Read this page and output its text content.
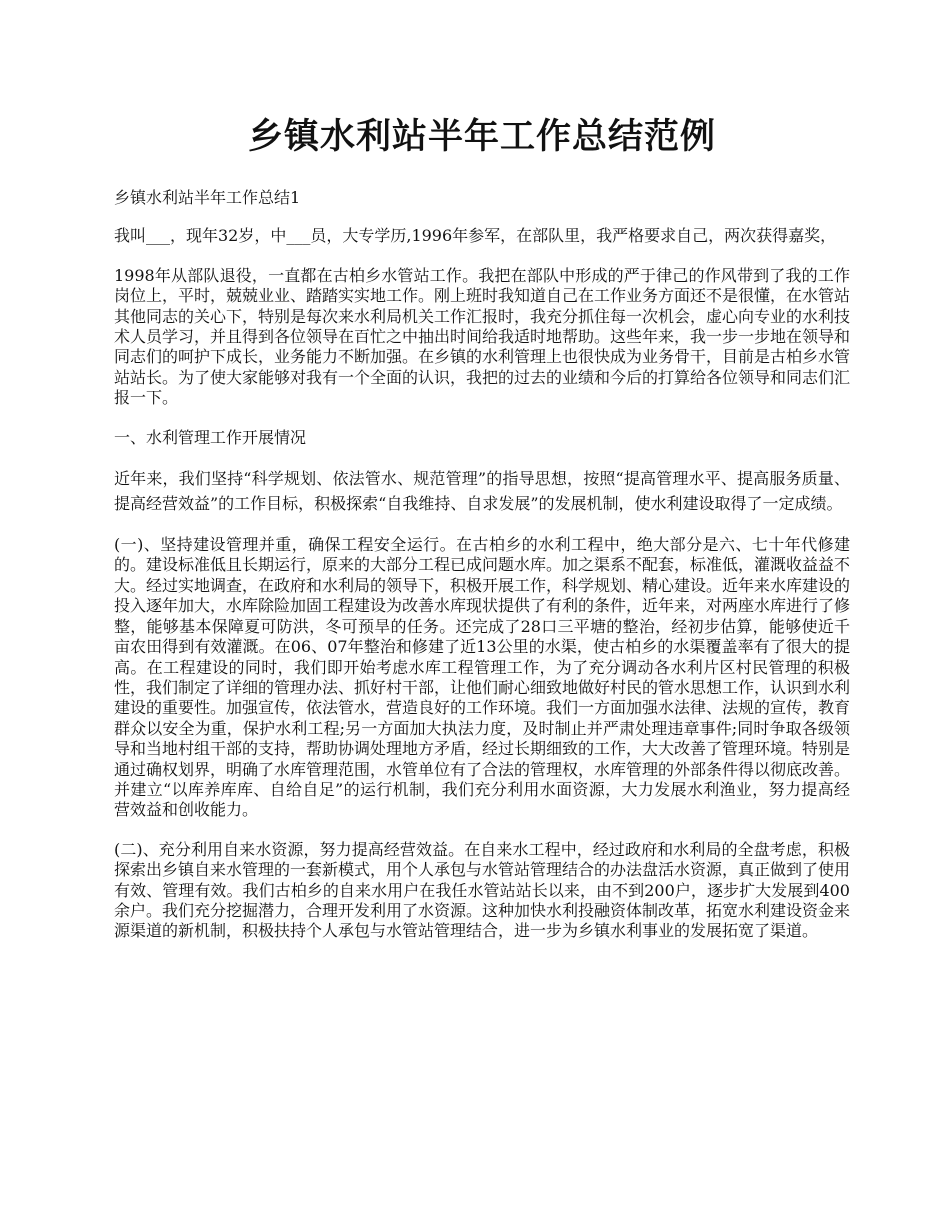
乡镇水利站半年工作总结范例

乡镇水利站半年工作总结1

我叫___，现年32岁，中___员，大专学历,1996年参军，在部队里，我严格要求自己，两次获得嘉奖，

1998年从部队退役，一直都在古柏乡水管站工作。我把在部队中形成的严于律己的作风带到了我的工作岗位上，平时，兢兢业业、踏踏实实地工作。刚上班时我知道自己在工作业务方面还不是很懂，在水管站其他同志的关心下，特别是每次来水利局机关工作汇报时，我充分抓住每一次机会，虚心向专业的水利技术人员学习，并且得到各位领导在百忙之中抽出时间给我适时地帮助。这些年来，我一步一步地在领导和同志们的呵护下成长，业务能力不断加强。在乡镇的水利管理上也很快成为业务骨干，目前是古柏乡水管站站长。为了使大家能够对我有一个全面的认识，我把的过去的业绩和今后的打算给各位领导和同志们汇报一下。

一、水利管理工作开展情况

近年来，我们坚持“科学规划、依法管水、规范管理”的指导思想，按照“提高管理水平、提高服务质量、提高经营效益”的工作目标，积极探索“自我维持、自求发展”的发展机制，使水利建设取得了一定成绩。

(一)、坚持建设管理并重，确保工程安全运行。在古柏乡的水利工程中，绝大部分是六、七十年代修建的。建设标准低且长期运行，原来的大部分工程已成问题水库。加之渠系不配套，标准低，灌溉收益益不大。经过实地调查，在政府和水利局的领导下，积极开展工作，科学规划、精心建设。近年来水库建设的投入逐年加大，水库除险加固工程建设为改善水库现状提供了有利的条件，近年来，对两座水库进行了修整，能够基本保障夏可防洪，冬可预旱的任务。还完成了28口三平塘的整治，经初步估算，能够使近千亩农田得到有效灌溉。在06、07年整治和修建了近13公里的水渠，使古柏乡的水渠覆盖率有了很大的提高。在工程建设的同时，我们即开始考虑水库工程管理工作，为了充分调动各水利片区村民管理的积极性，我们制定了详细的管理办法、抓好村干部，让他们耐心细致地做好村民的管水思想工作，认识到水利建设的重要性。加强宣传，依法管水，营造良好的工作环境。我们一方面加强水法律、法规的宣传，教育群众以安全为重，保护水利工程;另一方面加大执法力度，及时制止并严肃处理违章事件;同时争取各级领导和当地村组干部的支持，帮助协调处理地方矛盾，经过长期细致的工作，大大改善了管理环境。特别是通过确权划界，明确了水库管理范围，水管单位有了合法的管理权，水库管理的外部条件得以彻底改善。并建立“以库养库库、自给自足”的运行机制，我们充分利用水面资源，大力发展水利渔业，努力提高经营效益和创收能力。

(二)、充分利用自来水资源，努力提高经营效益。在自来水工程中，经过政府和水利局的全盘考虑，积极探索出乡镇自来水管理的一套新模式，用个人承包与水管站管理结合的办法盘活水资源，真正做到了使用有效、管理有效。我们古柏乡的自来水用户在我任水管站站长以来，由不到200户，逐步扩大发展到400余户。我们充分挖掘潜力，合理开发利用了水资源。这种加快水利投融资体制改革，拓宽水利建设资金来源渠道的新机制，积极扶持个人承包与水管站管理结合，进一步为乡镇水利事业的发展拓宽了渠道。
